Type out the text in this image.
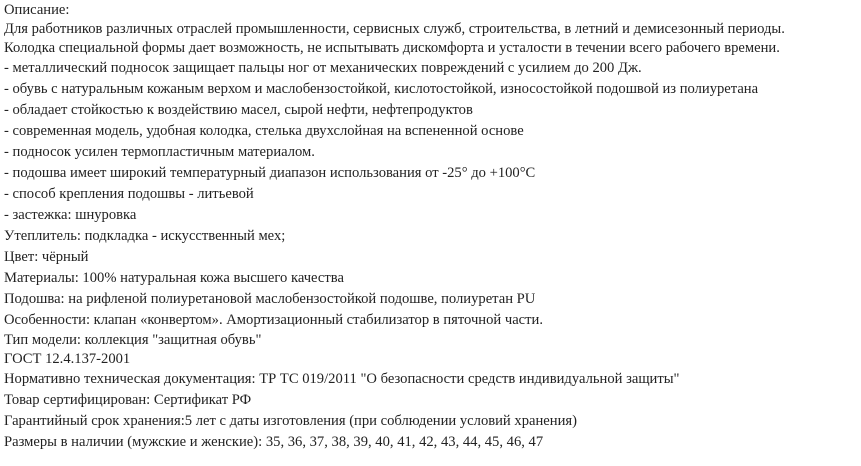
Описание:

Для работников различных отраслей промышленности, сервисных служб, строительства, в летний и демисезонный периоды.

Колодка специальной формы дает возможность, не испытывать дискомфорта и усталости в течении всего рабочего времени.

- металлический подносок защищает пальцы ног от механических повреждений с усилием до 200 Дж.

- обувь с натуральным кожаным верхом и маслобензостойкой, кислотостойкой, износостойкой подошвой из полиуретана

- обладает стойкостью к воздействию масел, сырой нефти, нефтепродуктов

- современная модель, удобная колодка, стелька двухслойная на вспененной основе

- подносок усилен термопластичным материалом.

- подошва имеет широкий температурный диапазон использования от -25° до +100°C

- способ крепления подошвы - литьевой

- застежка: шнуровка

Утеплитель: подкладка - искусственный мех;

Цвет: чёрный

Материалы: 100% натуральная кожа высшего качества

Подошва: на рифленой полиуретановой маслобензостойкой подошве, полиуретан PU

Особенности: клапан «конвертом». Амортизационный стабилизатор в пяточной части.

Тип модели: коллекция "защитная обувь"

ГОСТ 12.4.137-2001

Нормативно техническая документация: ТР ТС 019/2011 "О безопасности средств индивидуальной защиты"

Товар сертифицирован: Сертификат РФ

Гарантийный срок хранения:5 лет с даты изготовления (при соблюдении условий хранения)

Размеры в наличии (мужские и женские): 35, 36, 37, 38, 39, 40, 41, 42, 43, 44, 45, 46, 47
